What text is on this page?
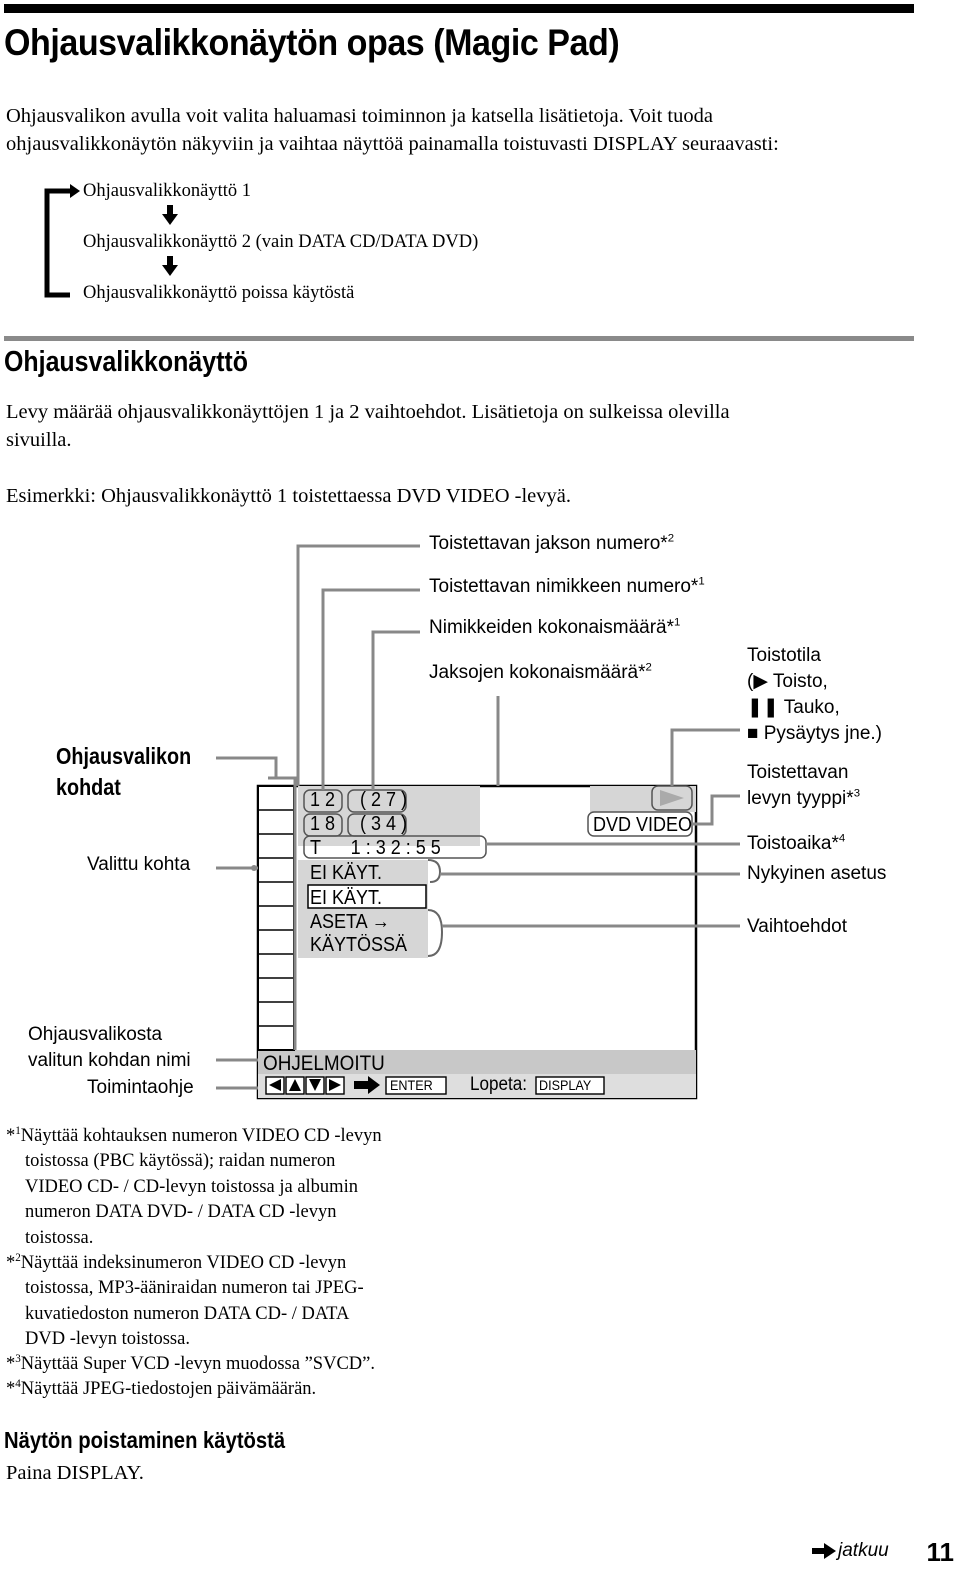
Ohjausvalikkonäytön opas (Magic Pad)
Ohjausvalikon avulla voit valita haluamasi toiminnon ja katsella lisätietoja. Voit tuoda
ohjausvalikkonäytön näkyviin ja vaihtaa näyttöä painamalla toistuvasti DISPLAY seuraavasti:
Ohjausvalikkonäyttö 1
Ohjausvalikkonäyttö 2 (vain DATA CD/DATA DVD)
Ohjausvalikkonäyttö poissa käytöstä
Ohjausvalikkonäyttö
Levy määrää ohjausvalikkonäyttöjen 1 ja 2 vaihtoehdot. Lisätietoja on sulkeissa olevilla
sivuilla.
Esimerkki: Ohjausvalikkonäyttö 1 toistettaessa DVD VIDEO -levyä.
Toistettavan jakson numero*$^2$
Toistettavan nimikkeen numero*$^1$
Nimikkeiden kokonaismäärä*$^1$
Jaksojen kokonaismäärä*$^2$
Toistotila
(▶ Toisto,
❚❚ Tauko,
■ Pysäytys jne.)
Toistettavan
levyn tyyppi*$^3$
Toistoaika*$^4$
Nykyinen asetus
Vaihtoehdot
Ohjausvalikon
kohdat
Valittu kohta
Ohjausvalikosta
valitun kohdan nimi
Toimintaohje
1 2 ( 2 7 )
1 8 ( 3 4 )
T      1 : 3 2 : 5 5
EI KÄYT.
EI KÄYT.
ASETA →
KÄYTÖSSÄ
DVD VIDEO
OHJELMOITU
ENTER Lopeta: DISPLAY
*$^1$Näyttää kohtauksen numeron VIDEO CD -levyn
toistossa (PBC käytössä); raidan numeron
VIDEO CD- / CD-levyn toistossa ja albumin
numeron DATA DVD- / DATA CD -levyn
toistossa.
*$^2$Näyttää indeksinumeron VIDEO CD -levyn
toistossa, MP3-ääniraidan numeron tai JPEG-
kuvatiedoston numeron DATA CD- / DATA
DVD -levyn toistossa.
*$^3$Näyttää Super VCD -levyn muodossa ”SVCD”.
*$^4$Näyttää JPEG-tiedostojen päivämäärän.
Näytön poistaminen käytöstä
Paina DISPLAY.
jatkuu 11
